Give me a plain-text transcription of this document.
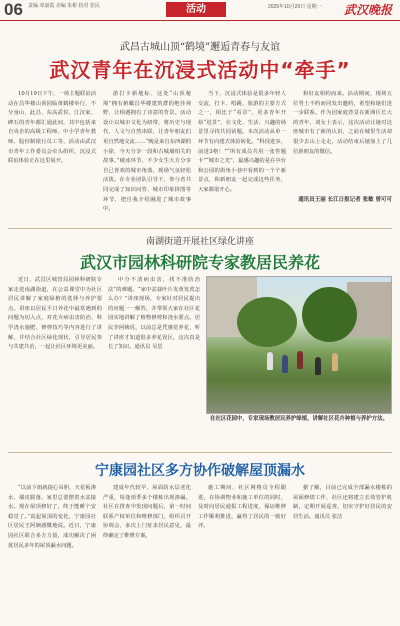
06 责编 邓丽霞 美编 朱彬 校对 张民	活动	2025年10月20日 星期一 武汉晚报
武昌古城山顶“鹤境”邂逅青春与友谊
武汉青年在沉浸式活动中“牵手”

10月19日下午，一场主题联谊活动在昌华楼山顶园临黄鹤楼举行，不分身山，此昌、东高武侯、江汉家、碑石的青年都汇通此间，其中包括来自央企的高级工程师、中小学青年教师、股份制银行员工等，活动由武汉市青年工作委员会牵头组织，沉浸式联谊体验正在这里展开。

游打卡新地标、这处“山顶秘境”拥有俯瞰昌华楼建筑群的绝佳视野，让相遇拥有了诗意的背景。活动设计以城市文化为纽带，将历史与现代、人文与自然串联，让青年朋友们更自然地交流……“晚是来自东西湖的小徐，今天分享一段和古城墙相关的故事。”破冰环节，不少女生大方分享自己喜欢的城市角落，现场气氛轻松活泼。在专业团队引导下，参与者共同完成了知识问答、城市印象拼图等环节，把自我介绍融进了城市故事中。

当下，沉浸式体验是很多年轻人交流，打卡、唱跳、旅游的主要方式之一，相比于“看景”，更多青年开始“进景”，在文化、生活、兴趣的场景里寻找共同话题。本次活动从单一环节有向建式体验转化。“科技进步，前进3格！”“所有成员共用一张答题卡”“城市之光”，最感兴趣的是在亭台和公园的街角小巷中看到的一个个新景点，和新朋友一起完成这些任务，大家都很开心。

和好友相约而来。活动期间，现场五位男士不约而同发出邀约，希望和她们进一步联系。作为因家庭背景在新洲区长大的青年，刘女士表示，这次活动让她对这座城市有了新的认识，之前在城里生活却很少去山上走走，活动结束后她加上了几位新朋友的微信。

通讯员王丽 长江日报记者 张敏 曾可可
南湖街道开展社区绿化讲座
武汉市园林科研院专家教居民养花

近日，武昌区城管局园林科研院专家走进南湖街道，在公益课堂中为社区居民讲解了家庭绿植的选择与养护要点。讲座以居民平日养花中最常遇到的问题为切入点，对花卉病虫害防治、科学浇水施肥、修剪技巧等内容进行了讲解，并结合社区绿化现状，引导居民参与共建共治，一起让社区环境更美丽。

中分不清病虫害，找不准防治法”的难题。“家中盆栽叶片发黄发蔫怎么办？”讲座现场，专家针对居民提出的问题一一解答，并带领大家在社区花园实地讲解了植物修剪和浇水要点。居民李阿姨说，以前总是凭感觉养花，听了讲座才知道很多养花误区，这次真是长了知识。通讯员 吴思

在社区花园中，专家现场教居民养护绿植，讲解社区花卉种植与养护方法。
宁康园社区多方协作破解屋顶漏水

“以前下雨就提心吊胆，天花板渗水、墙皮脱落，家里总要摆着水盆接水。现在屋顶修好了，终于能睡个安稳觉了。”说起屋顶的变化，宁康园社区居民王阿姨感慨地说。近日，宁康园社区联合多方力量，成功解决了困扰居民多年的屋顶漏水问题。

建成年代较早，屋面防水层老化严重，每逢雨季多个楼栋出现渗漏。社区在排查中发现问题后，第一时间联系产权单位和维修部门，组织召开协调会，多次上门征求居民意见，最终确定了维修方案。

施工期间，社区网格员全程跟进，在协调物业和施工单位的同时，及时向居民通报工程进度，保证维修工作顺利推进，赢得了居民的一致好评。

据了解，目前已完成全部漏水楼栋的屋面修缮工作，社区还将建立长效管护机制，定期开展巡查，切实守护好居民的安居生活。通讯员 张洁
